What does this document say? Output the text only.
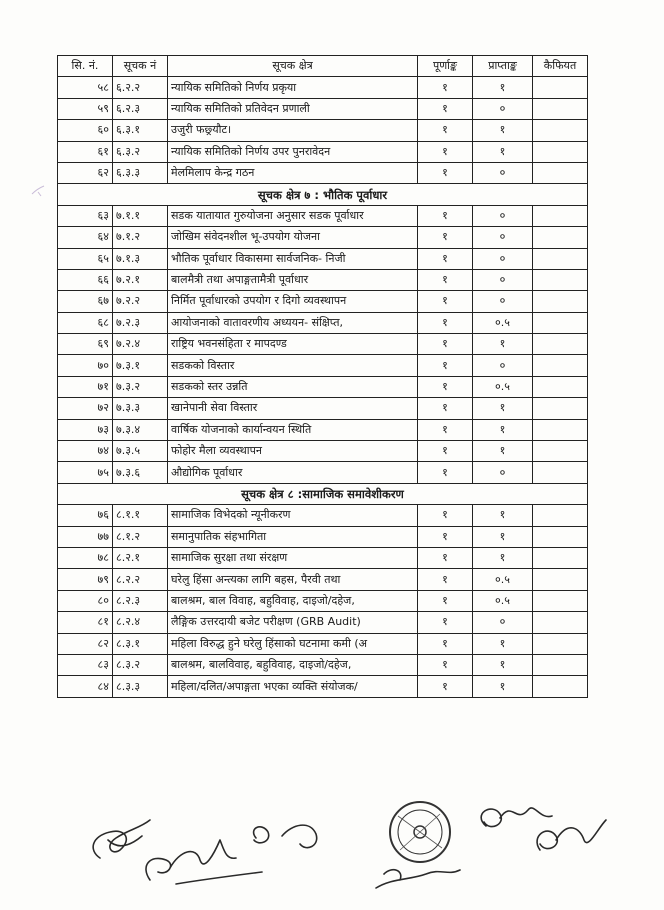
सि. नं.	सूचक नं	सूचक क्षेत्र	पूर्णाङ्क	प्राप्ताङ्क	कैफियत
५८	६.२.२	न्यायिक समितिको निर्णय प्रकृया	१	१	
५९	६.२.३	न्यायिक समितिको प्रतिवेदन प्रणाली	१	०	
६०	६.३.१	उजुरी फछ्र्यौट।	१	१	
६१	६.३.२	न्यायिक समितिको निर्णय उपर पुनरावेदन	१	१	
६२	६.३.३	मेलमिलाप केन्द्र गठन	१	०	
सूचक क्षेत्र ७ : भौतिक पूर्वाधार					
६३	७.१.१	सडक यातायात गुरुयोजना अनुसार सडक पूर्वाधार	१	०	
६४	७.१.२	जोखिम संवेदनशील भू-उपयोग योजना	१	०	
६५	७.१.३	भौतिक पूर्वाधार विकासमा सार्वजनिक- निजी	१	०	
६६	७.२.१	बालमैत्री तथा अपाङ्गतामैत्री पूर्वाधार	१	०	
६७	७.२.२	निर्मित पूर्वाधारको उपयोग र दिगो व्यवस्थापन	१	०	
६८	७.२.३	आयोजनाको वातावरणीय अध्ययन- संक्षिप्त,	१	०.५	
६९	७.२.४	राष्ट्रिय भवनसंहिता र मापदण्ड	१	१	
७०	७.३.१	सडकको विस्तार	१	०	
७१	७.३.२	सडकको स्तर उन्नति	१	०.५	
७२	७.३.३	खानेपानी सेवा विस्तार	१	१	
७३	७.३.४	वार्षिक योजनाको कार्यान्वयन स्थिति	१	१	
७४	७.३.५	फोहोर मैला व्यवस्थापन	१	१	
७५	७.३.६	औद्योगिक पूर्वाधार	१	०	
सूचक क्षेत्र ८ :सामाजिक समावेशीकरण					
७६	८.१.१	सामाजिक विभेदको न्यूनीकरण	१	१	
७७	८.१.२	समानुपातिक संहभागिता	१	१	
७८	८.२.१	सामाजिक सुरक्षा तथा संरक्षण	१	१	
७९	८.२.२	घरेलु हिंसा अन्त्यका लागि बहस, पैरवी तथा	१	०.५	
८०	८.२.३	बालश्रम, बाल विवाह, बहुविवाह, दाइजो/दहेज,	१	०.५	
८१	८.२.४	लैङ्गिक उत्तरदायी बजेट परीक्षण (GRB Audit)	१	०	
८२	८.३.१	महिला विरुद्ध हुने घरेलु हिंसाको घटनामा कमी (अ	१	१	
८३	८.३.२	बालश्रम, बालविवाह, बहुविवाह, दाइजो/दहेज,	१	१	
८४	८.३.३	महिला/दलित/अपाङ्गता भएका व्यक्ति संयोजक/	१	१	
